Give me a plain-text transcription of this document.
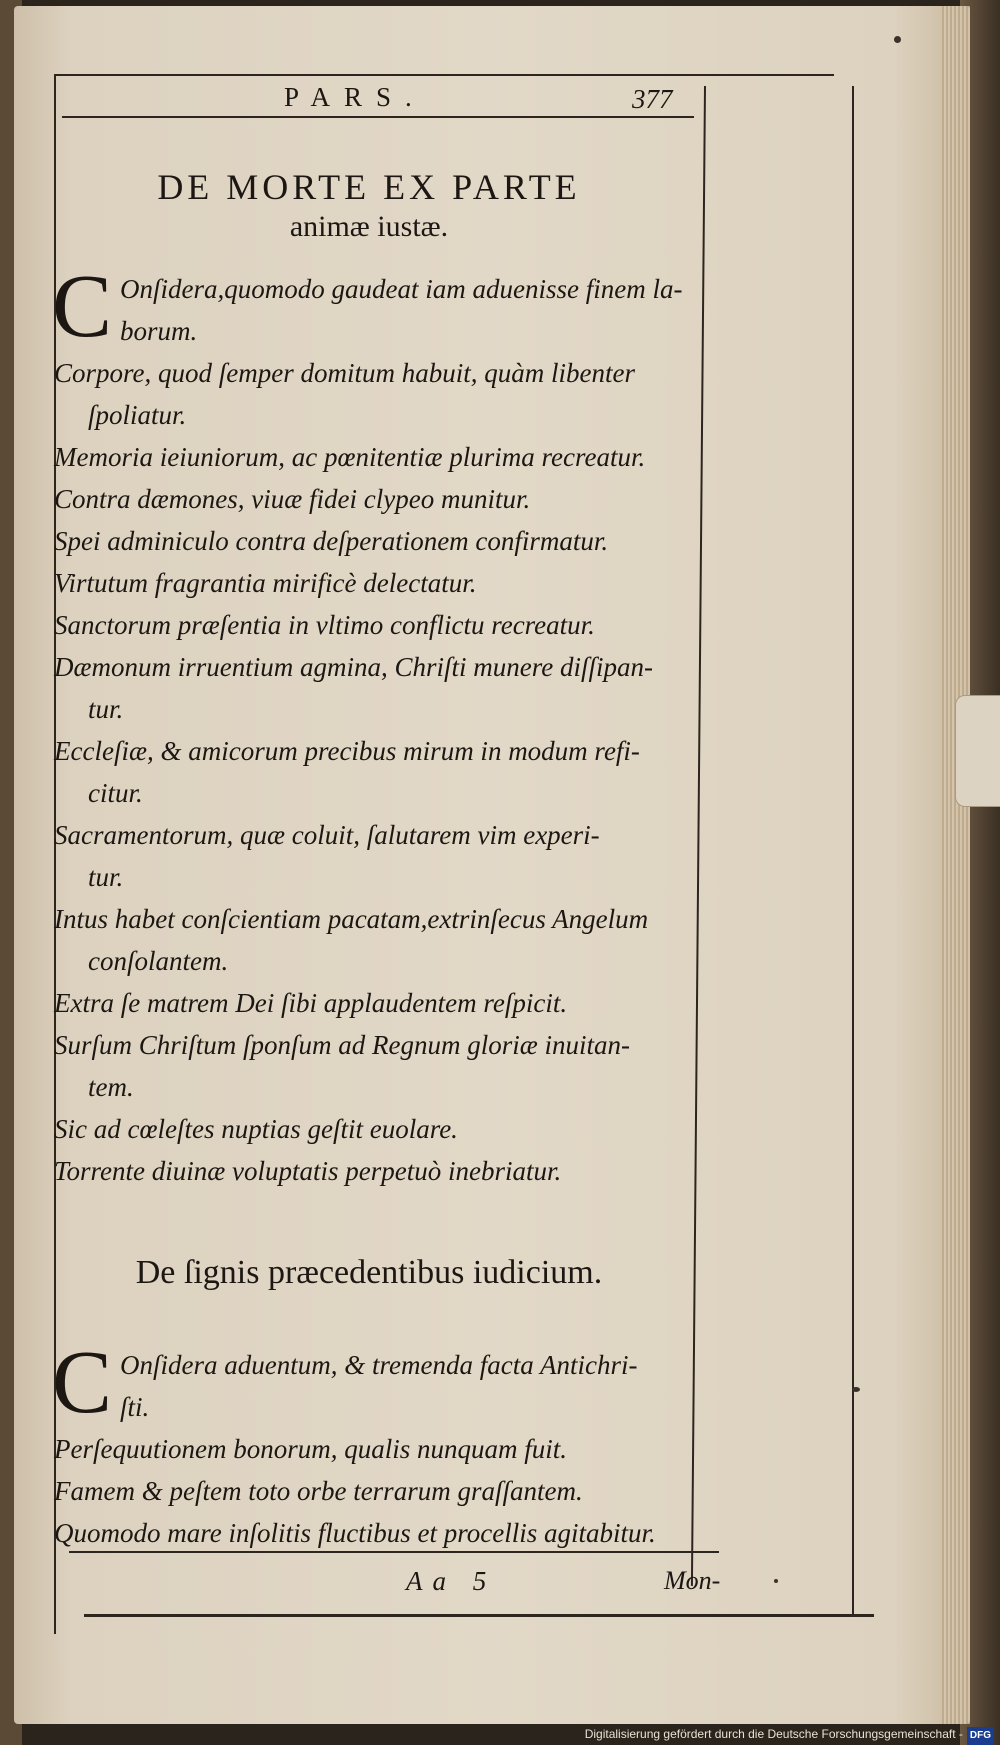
PARS.	377
DE MORTE EX PARTE
animæ iustæ.
C Onſidera,quomodo gaudeat iam aduenisse finem la-
borum.
Corpore, quod ſemper domitum habuit, quàm libenter
ſpoliatur.
Memoria ieiuniorum, ac pœnitentiæ plurima recreatur.
Contra dæmones, viuæ fidei clypeo munitur.
Spei adminiculo contra deſperationem confirmatur.
Virtutum fragrantia mirificè delectatur.
Sanctorum præſentia in vltimo conflictu recreatur.
Dæmonum irruentium agmina, Chriſti munere diſſipan-
tur.
Eccleſiæ, & amicorum precibus mirum in modum refi-
citur.
Sacramentorum, quæ coluit, ſalutarem vim experi-
tur.
Intus habet conſcientiam pacatam,extrinſecus Angelum
conſolantem.
Extra ſe matrem Dei ſibi applaudentem reſpicit.
Surſum Chriſtum ſponſum ad Regnum gloriæ inuitan-
tem.
Sic ad cœleſtes nuptias geſtit euolare.
Torrente diuinæ voluptatis perpetuò inebriatur.
De ſignis præcedentibus iudicium.
C Onſidera aduentum, & tremenda facta Antichri-
ſti.
Perſequutionem bonorum, qualis nunquam fuit.
Famem & peſtem toto orbe terrarum graſſantem.
Quomodo mare inſolitis fluctibus et procellis agitabitur.
Aa 5	Mon-
Digitalisierung gefördert durch die Deutsche Forschungsgemeinschaft - DFG
